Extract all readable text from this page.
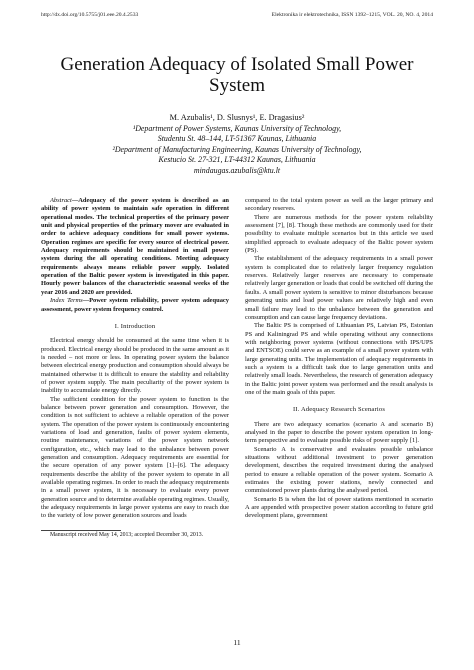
http://dx.doi.org/10.5755/j01.eee.20.4.2533	Elektronika ir elektrotechnika, ISSN 1392–1215, VOL. 20, NO. 4, 2014
Generation Adequacy of Isolated Small Power System
M. Azubalis¹, D. Slusnys¹, E. Dragasius²
¹Department of Power Systems, Kaunas University of Technology,
Studentu St. 48–144, LT-51367 Kaunas, Lithuania
²Department of Manufacturing Engineering, Kaunas University of Technology,
Kestucio St. 27-321, LT-44312 Kaunas, Lithuania
mindaugas.azubalis@ktu.lt

Abstract—Adequacy of the power system is described as an ability of power system to maintain safe operation in different operational modes. The technical properties of the primary power unit and physical properties of the primary mover are evaluated in order to achieve adequacy conditions for small power systems. Operation regimes are specific for every source of electrical power. Adequacy requirements should be maintained in small power system during the all operating conditions. Meeting adequacy requirements always means reliable power supply. Isolated operation of the Baltic power system is investigated in this paper. Hourly power balances of the characteristic seasonal weeks of the year 2016 and 2020 are provided.

Index Terms—Power system reliability, power system adequacy assessment, power system frequency control.

I. Introduction

Electrical energy should be consumed at the same time when it is produced. Electrical energy should be produced in the same amount as it is needed – not more or less. In operating power system the balance between electrical energy production and consumption should always be maintained otherwise it is difficult to ensure the stability and reliability of power system supply. The main peculiarity of the power system is inability to accumulate energy directly.

The sufficient condition for the power system to function is the balance between power generation and consumption. However, the condition is not sufficient to achieve a reliable operation of the power system. The operation of the power system is continuously encountering variations of load and generation, faults of power system elements, routine maintenance, variations of the power system network configuration, etc., which may lead to the unbalance between power generation and consumption. Adequacy requirements are essential for the secure operation of any power system [1]–[6]. The adequacy requirements describe the ability of the power system to operate in all available operating regimes. In order to reach the adequacy requirements in a small power system, it is necessary to evaluate every power generation source and to determine available operating regimes. Usually, the adequacy requirements in large power systems are easy to reach due to the variety of low power generation sources and loads

Manuscript received May 14, 2013; accepted December 30, 2013.

compared to the total system power as well as the larger primary and secondary reserves.

There are numerous methods for the power system reliability assessment [7], [8]. Though these methods are commonly used for their possibility to evaluate multiple scenarios but in this article we used simplified approach to evaluate adequacy of the Baltic power system (PS).

The establishment of the adequacy requirements in a small power system is complicated due to relatively larger frequency regulation reserves. Relatively larger reserves are necessary to compensate relatively larger generation or loads that could be switched off during the faults. A small power system is sensitive to minor disturbances because generating units and load power values are relatively high and even small failure may lead to the unbalance between the generation and consumption and can cause large frequency deviations.

The Baltic PS is comprised of Lithuanian PS, Latvian PS, Estonian PS and Kaliningrad PS and while operating without any connections with neighboring power systems (without connections with IPS/UPS and ENTSOE) could serve as an example of a small power system with large generating units. The implementation of adequacy requirements in such a system is a difficult task due to large generation units and relatively small loads. Nevertheless, the research of generation adequacy in the Baltic joint power system was performed and the result analysis is one of the main goals of this paper.

II. Adequacy Research Scenarios

There are two adequacy scenarios (scenario A and scenario B) analysed in the paper to describe the power system operation in long-term perspective and to evaluate possible risks of power supply [1].

Scenario A is conservative and evaluates possible unbalance situations without additional investment to power generation development, describes the required investment during the analysed period to ensure a reliable operation of the power system. Scenario A estimates the existing power stations, newly connected and commissioned power plants during the analysed period.

Scenario B is when the list of power stations mentioned in scenario A are appended with prospective power station according to future grid development plans, government

11
